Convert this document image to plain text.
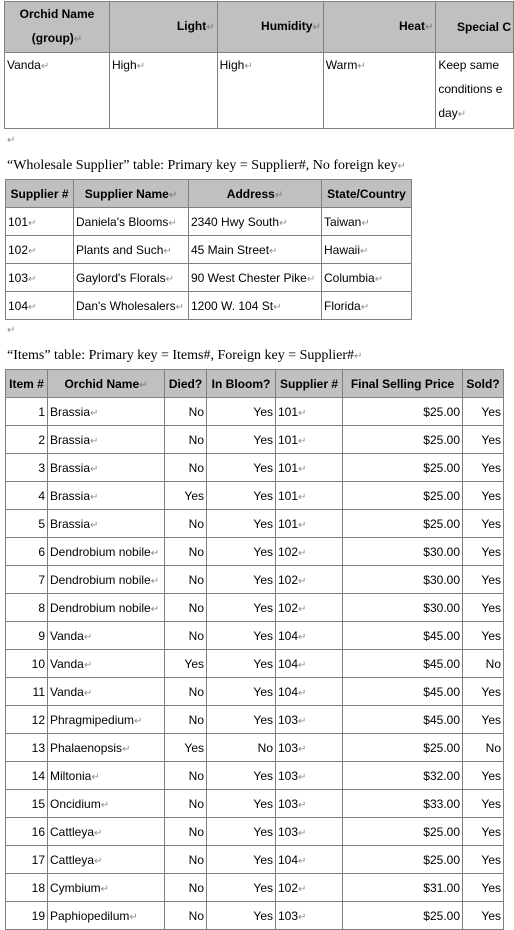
Orchid Name (group)↵	Light↵	Humidity↵	Heat↵	Special C
Vanda↵	High↵	High↵	Warm↵	Keep same conditions e day↵
↵
“Wholesale Supplier” table: Primary key = Supplier#, No foreign key↵
Supplier #	Supplier Name↵	Address↵	State/Country
101↵	Daniela's Blooms↵	2340 Hwy South↵	Taiwan↵
102↵	Plants and Such↵	45 Main Street↵	Hawaii↵
103↵	Gaylord's Florals↵	90 West Chester Pike↵	Columbia↵
104↵	Dan's Wholesalers↵	1200 W. 104 St↵	Florida↵
↵
“Items” table: Primary key = Items#, Foreign key = Supplier#↵
Item #	Orchid Name↵	Died?	In Bloom?	Supplier #	Final Selling Price	Sold?
1	Brassia↵	No	Yes	101↵	$25.00	Yes
2	Brassia↵	No	Yes	101↵	$25.00	Yes
3	Brassia↵	No	Yes	101↵	$25.00	Yes
4	Brassia↵	Yes	Yes	101↵	$25.00	Yes
5	Brassia↵	No	Yes	101↵	$25.00	Yes
6	Dendrobium nobile↵	No	Yes	102↵	$30.00	Yes
7	Dendrobium nobile↵	No	Yes	102↵	$30.00	Yes
8	Dendrobium nobile↵	No	Yes	102↵	$30.00	Yes
9	Vanda↵	No	Yes	104↵	$45.00	Yes
10	Vanda↵	Yes	Yes	104↵	$45.00	No
11	Vanda↵	No	Yes	104↵	$45.00	Yes
12	Phragmipedium↵	No	Yes	103↵	$45.00	Yes
13	Phalaenopsis↵	Yes	No	103↵	$25.00	No
14	Miltonia↵	No	Yes	103↵	$32.00	Yes
15	Oncidium↵	No	Yes	103↵	$33.00	Yes
16	Cattleya↵	No	Yes	103↵	$25.00	Yes
17	Cattleya↵	No	Yes	104↵	$25.00	Yes
18	Cymbium↵	No	Yes	102↵	$31.00	Yes
19	Paphiopedilum↵	No	Yes	103↵	$25.00	Yes
